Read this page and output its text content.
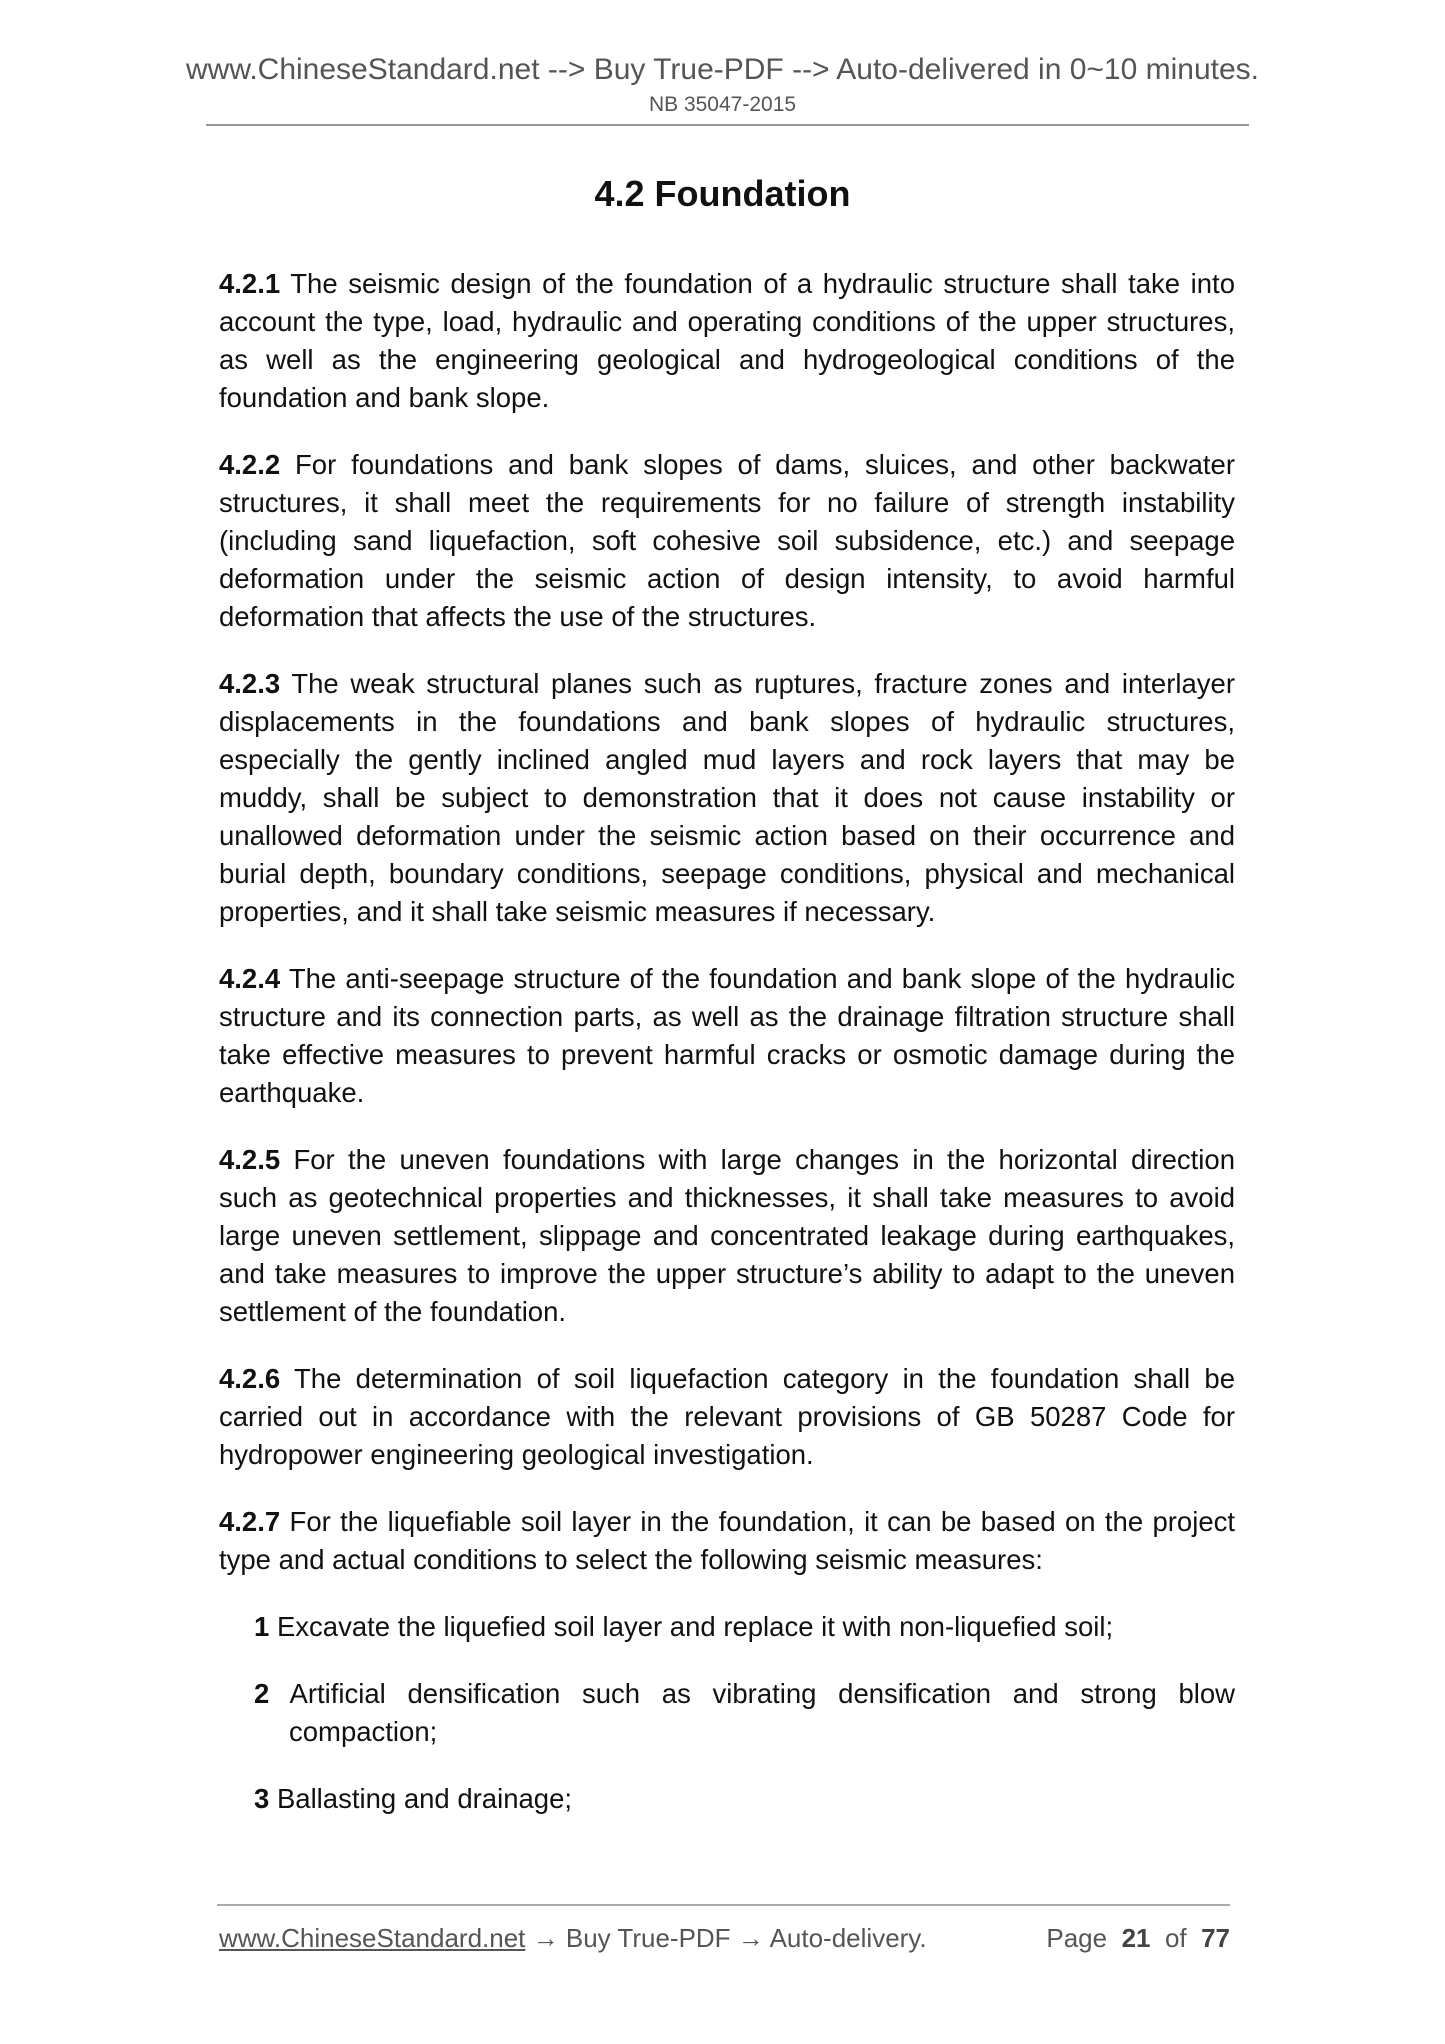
www.ChineseStandard.net --> Buy True-PDF --> Auto-delivered in 0~10 minutes.
NB 35047-2015
4.2 Foundation

4.2.1 The seismic design of the foundation of a hydraulic structure shall take into account the type, load, hydraulic and operating conditions of the upper structures, as well as the engineering geological and hydrogeological conditions of the foundation and bank slope.

4.2.2 For foundations and bank slopes of dams, sluices, and other backwater structures, it shall meet the requirements for no failure of strength instability (including sand liquefaction, soft cohesive soil subsidence, etc.) and seepage deformation under the seismic action of design intensity, to avoid harmful deformation that affects the use of the structures.

4.2.3 The weak structural planes such as ruptures, fracture zones and interlayer displacements in the foundations and bank slopes of hydraulic structures, especially the gently inclined angled mud layers and rock layers that may be muddy, shall be subject to demonstration that it does not cause instability or unallowed deformation under the seismic action based on their occurrence and burial depth, boundary conditions, seepage conditions, physical and mechanical properties, and it shall take seismic measures if necessary.

4.2.4 The anti-seepage structure of the foundation and bank slope of the hydraulic structure and its connection parts, as well as the drainage filtration structure shall take effective measures to prevent harmful cracks or osmotic damage during the earthquake.

4.2.5 For the uneven foundations with large changes in the horizontal direction such as geotechnical properties and thicknesses, it shall take measures to avoid large uneven settlement, slippage and concentrated leakage during earthquakes, and take measures to improve the upper structure’s ability to adapt to the uneven settlement of the foundation.

4.2.6 The determination of soil liquefaction category in the foundation shall be carried out in accordance with the relevant provisions of GB 50287 Code for hydropower engineering geological investigation.

4.2.7 For the liquefiable soil layer in the foundation, it can be based on the project type and actual conditions to select the following seismic measures:

1 Excavate the liquefied soil layer and replace it with non-liquefied soil;

2 Artificial densification such as vibrating densification and strong blow compaction;

3 Ballasting and drainage;

www.ChineseStandard.net → Buy True-PDF → Auto-delivery.	Page 21 of 77
